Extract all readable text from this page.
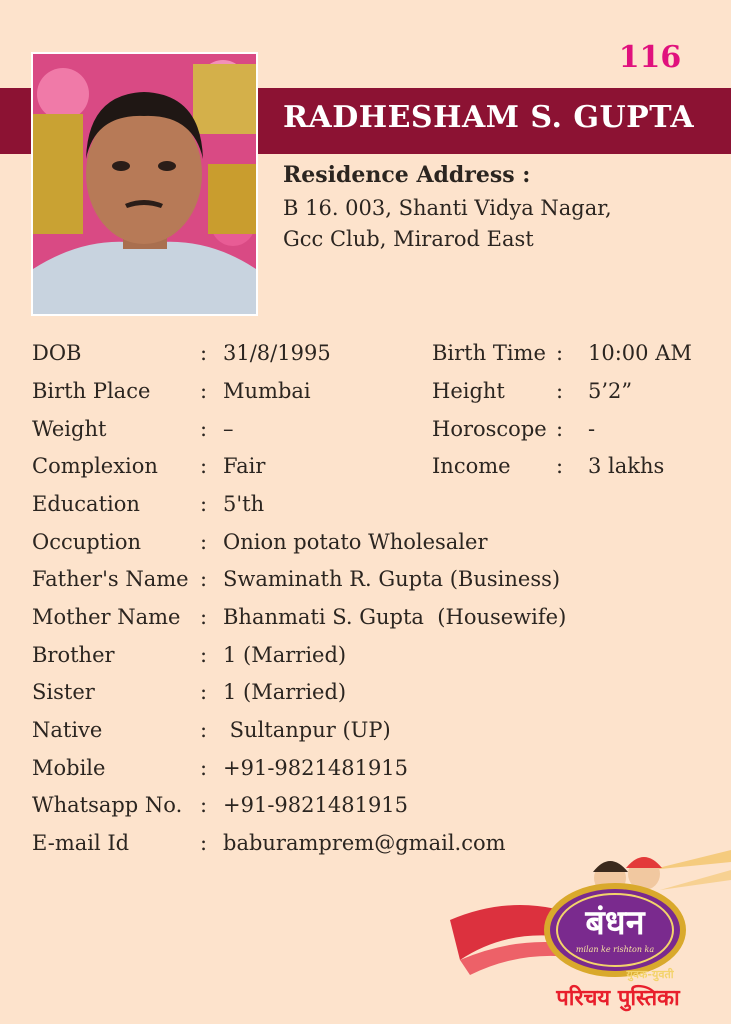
116
RADHESHAM S. GUPTA
Residence Address :
B 16. 003, Shanti Vidya Nagar,
Gcc Club, Mirarod East
DOB	: 31/8/1995	Birth Time : 10:00 AM
Birth Place : Mumbai	Height : 5’2”
Weight	: –	Horoscope : -
Complexion : Fair	Income : 3 lakhs
Education	: 5'th
Occuption	: Onion potato Wholesaler
Father's Name : Swaminath R. Gupta (Business)
Mother Name : Bhanmati S. Gupta  (Housewife)
Brother	: 1 (Married)
Sister	: 1 (Married)
Native	: Sultanpur (UP)
Mobile	: +91-9821481915
Whatsapp No. : +91-9821481915
E-mail Id	: baburamprem@gmail.com
बंधन
milan ke rishton ka
युवक-युवती
परिचय पुस्तिका
